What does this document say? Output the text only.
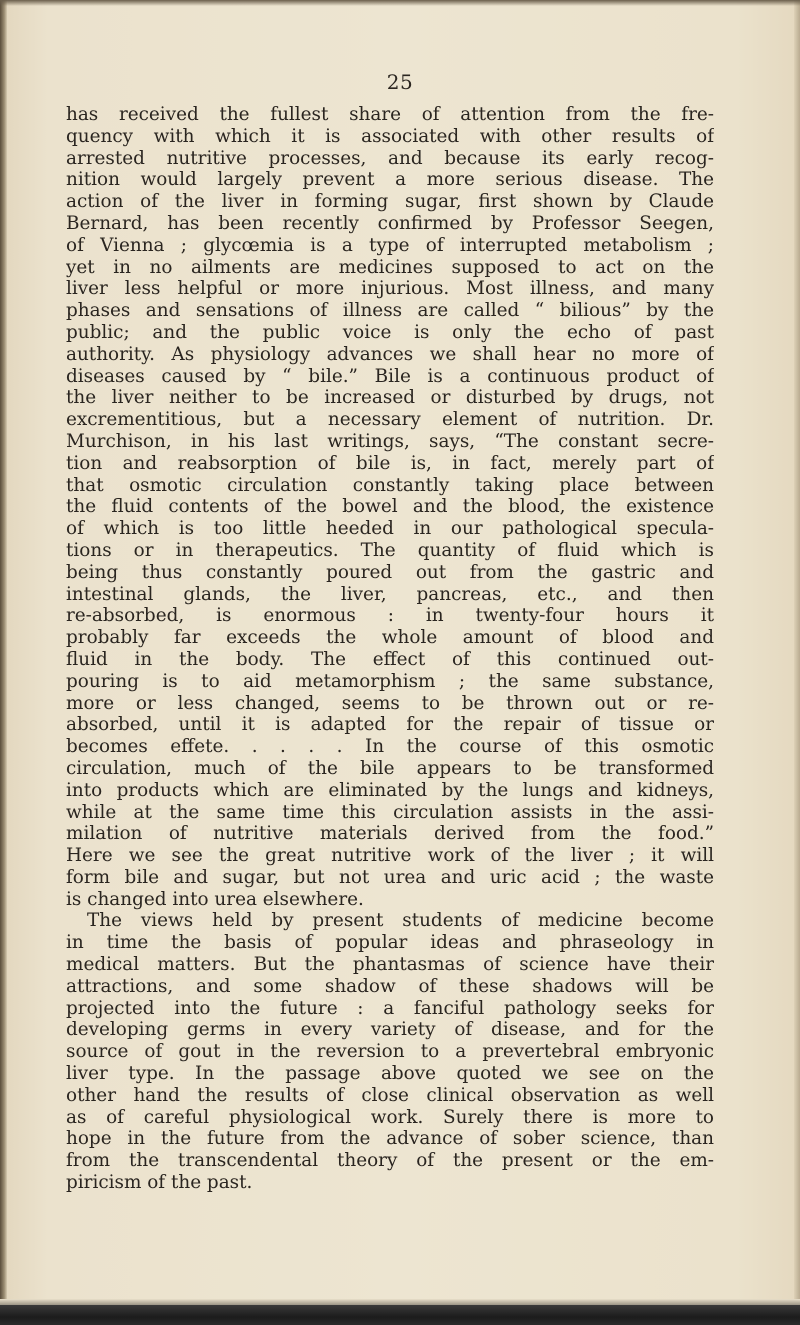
25
has received the fullest share of attention from the fre-
quency with which it is associated with other results of
arrested nutritive processes, and because its early recog-
nition would largely prevent a more serious disease. The
action of the liver in forming sugar, first shown by Claude
Bernard, has been recently confirmed by Professor Seegen,
of Vienna ; glycœmia is a type of interrupted metabolism ;
yet in no ailments are medicines supposed to act on the
liver less helpful or more injurious. Most illness, and many
phases and sensations of illness are called “ bilious” by the
public; and the public voice is only the echo of past
authority. As physiology advances we shall hear no more of
diseases caused by “ bile.” Bile is a continuous product of
the liver neither to be increased or disturbed by drugs, not
excrementitious, but a necessary element of nutrition. Dr.
Murchison, in his last writings, says, “The constant secre-
tion and reabsorption of bile is, in fact, merely part of
that osmotic circulation constantly taking place between
the fluid contents of the bowel and the blood, the existence
of which is too little heeded in our pathological specula-
tions or in therapeutics. The quantity of fluid which is
being thus constantly poured out from the gastric and
intestinal glands, the liver, pancreas, etc., and then
re-absorbed, is enormous : in twenty-four hours it
probably far exceeds the whole amount of blood and
fluid in the body. The effect of this continued out-
pouring is to aid metamorphism ; the same substance,
more or less changed, seems to be thrown out or re-
absorbed, until it is adapted for the repair of tissue or
becomes effete. . . . . In the course of this osmotic
circulation, much of the bile appears to be transformed
into products which are eliminated by the lungs and kidneys,
while at the same time this circulation assists in the assi-
milation of nutritive materials derived from the food.”
Here we see the great nutritive work of the liver ; it will
form bile and sugar, but not urea and uric acid ; the waste
is changed into urea elsewhere.
The views held by present students of medicine become
in time the basis of popular ideas and phraseology in
medical matters. But the phantasmas of science have their
attractions, and some shadow of these shadows will be
projected into the future : a fanciful pathology seeks for
developing germs in every variety of disease, and for the
source of gout in the reversion to a prevertebral embryonic
liver type. In the passage above quoted we see on the
other hand the results of close clinical observation as well
as of careful physiological work. Surely there is more to
hope in the future from the advance of sober science, than
from the transcendental theory of the present or the em-
piricism of the past.
